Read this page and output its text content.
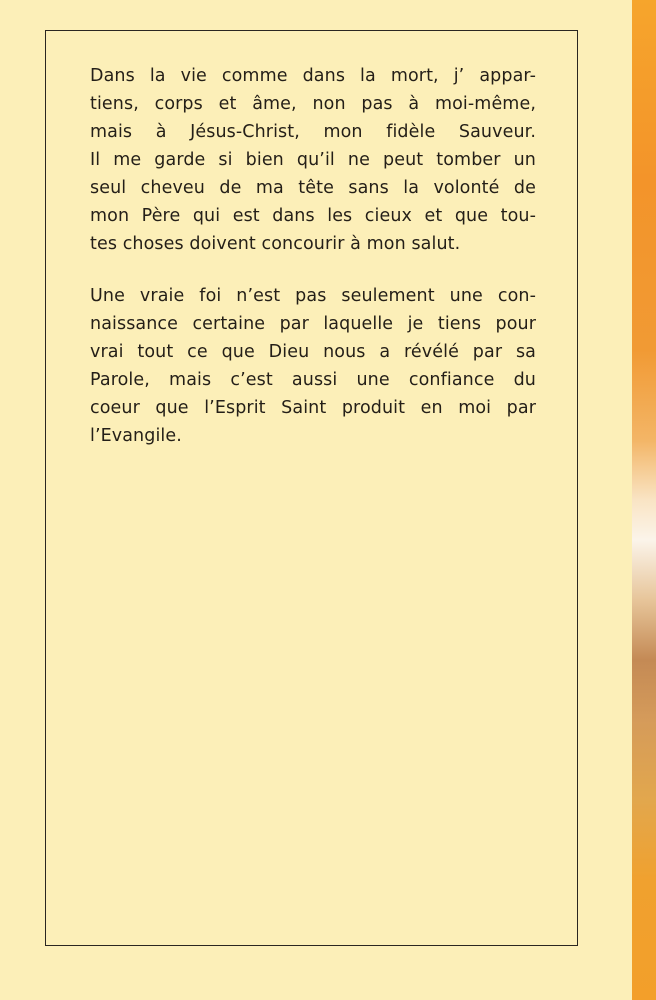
Dans la vie comme dans la mort, j’ appar-
tiens, corps et âme, non pas à moi-même,
mais à Jésus-Christ, mon fidèle Sauveur.
Il me garde si bien qu’il ne peut tomber un
seul cheveu de ma tête sans la volonté de
mon Père qui est dans les cieux et que tou-
tes choses doivent concourir à mon salut.

Une vraie foi n’est pas seulement une con-
naissance certaine par laquelle je tiens pour
vrai tout ce que Dieu nous a révélé par sa
Parole, mais c’est aussi une confiance du
coeur que l’Esprit Saint produit en moi par
l’Evangile.
